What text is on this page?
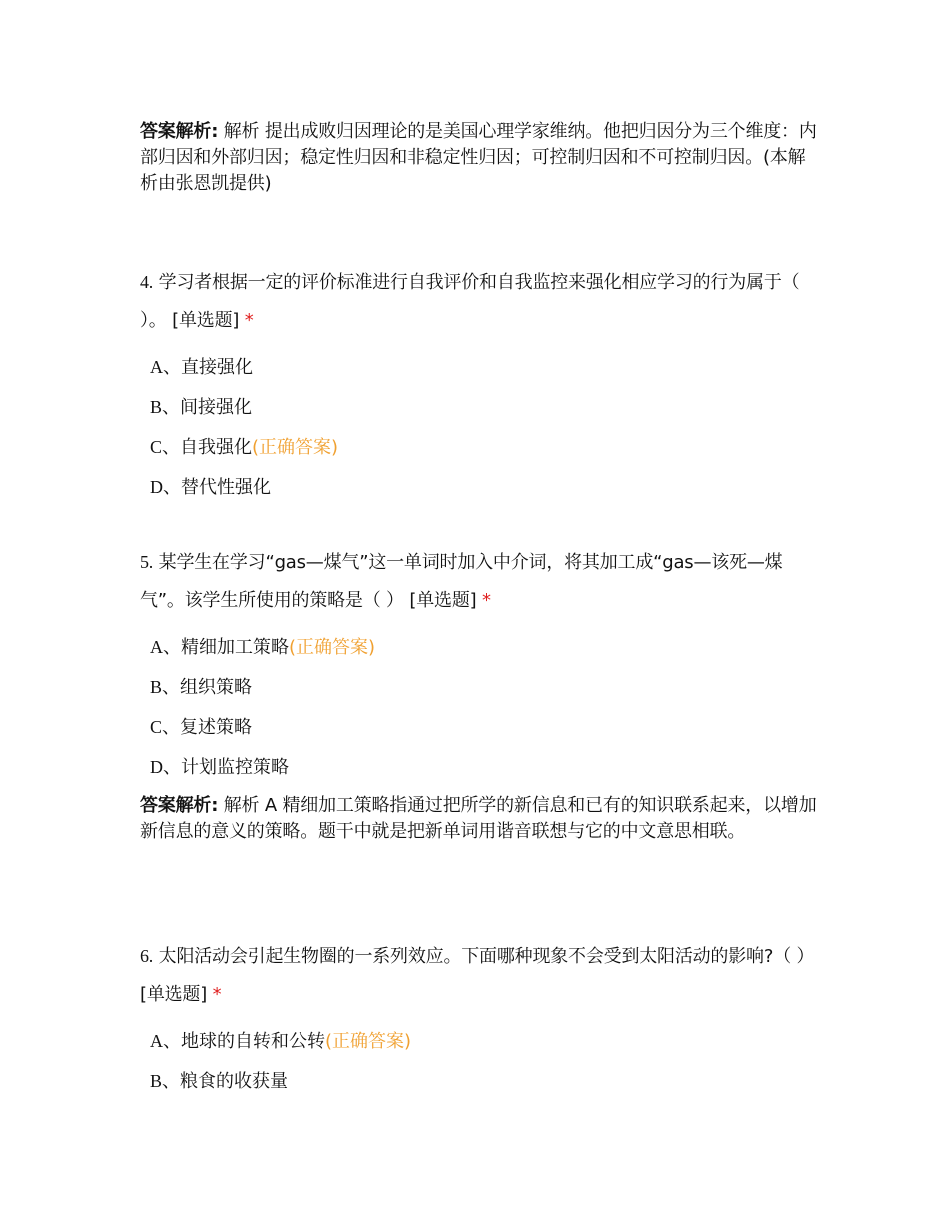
答案解析: 解析 提出成败归因理论的是美国心理学家维纳。他把归因分为三个维度：内部归因和外部归因；稳定性归因和非稳定性归因；可控制归因和不可控制归因。(本解析由张恩凯提供)
4. 学习者根据一定的评价标准进行自我评价和自我监控来强化相应学习的行为属于（ ）。 [单选题] *
A、直接强化
B、间接强化
C、自我强化(正确答案)
D、替代性强化
5. 某学生在学习“gas—煤气”这一单词时加入中介词，将其加工成“gas—该死—煤气”。该学生所使用的策略是（ ） [单选题] *
A、精细加工策略(正确答案)
B、组织策略
C、复述策略
D、计划监控策略
答案解析: 解析 A 精细加工策略指通过把所学的新信息和已有的知识联系起来，以增加新信息的意义的策略。题干中就是把新单词用谐音联想与它的中文意思相联。
6. 太阳活动会引起生物圈的一系列效应。下面哪种现象不会受到太阳活动的影响?（ ） [单选题] *
A、地球的自转和公转(正确答案)
B、粮食的收获量
